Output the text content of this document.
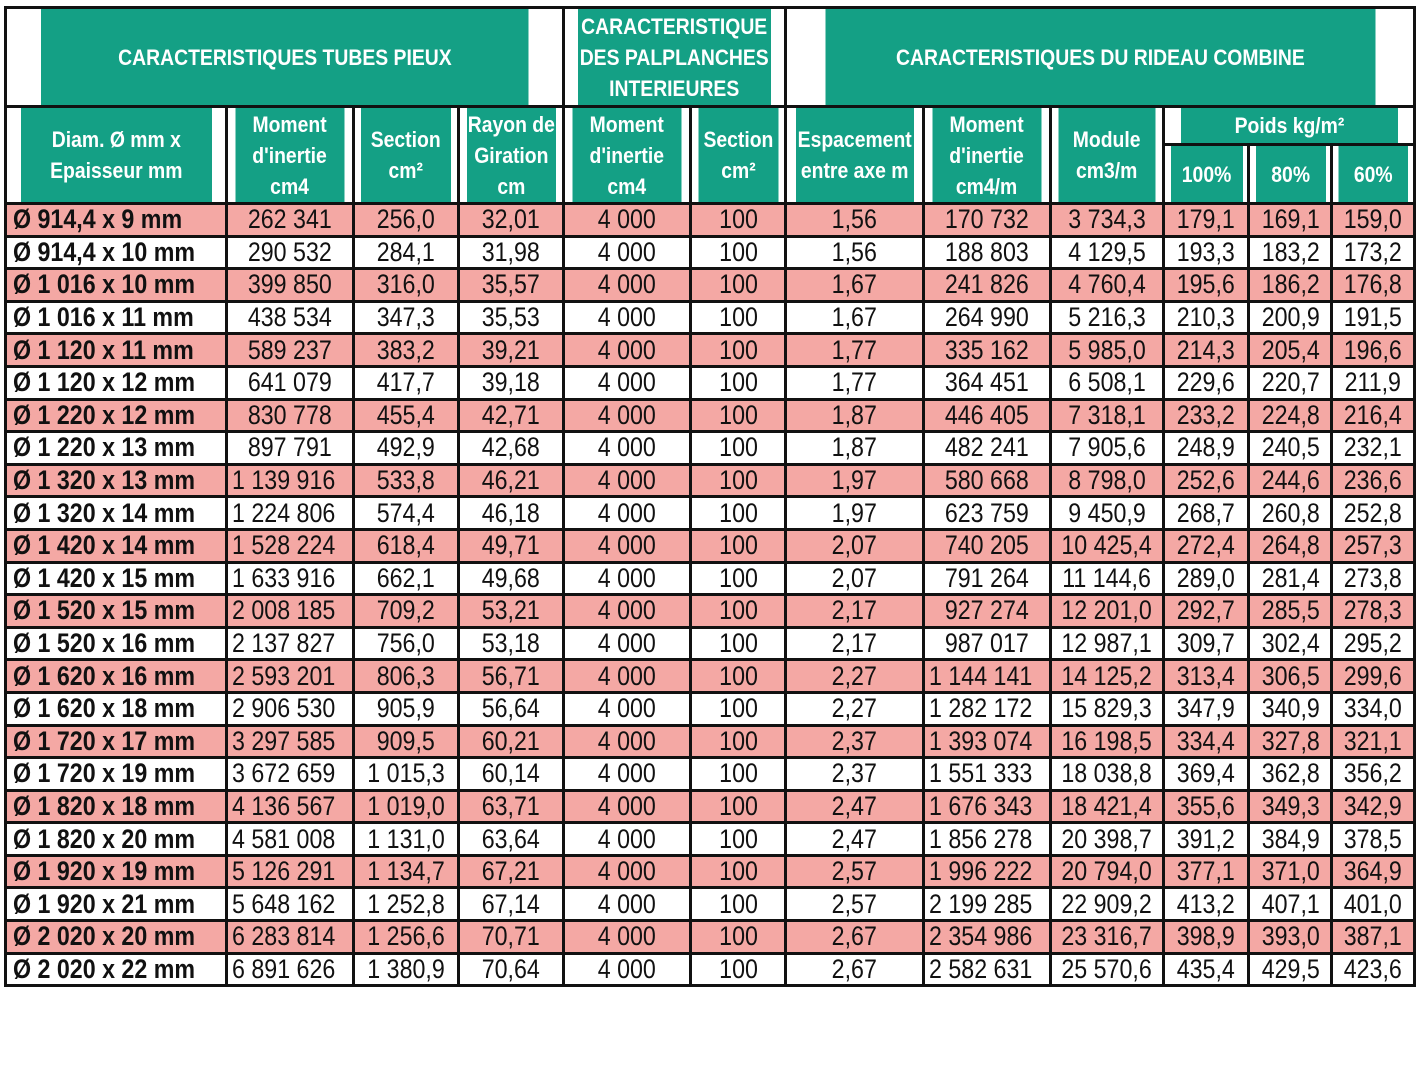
CARACTERISTIQUES TUBES PIEUX				CARACTERISTIQUE
DES PALPLANCHES
INTERIEURES		CARACTERISTIQUES DU RIDEAU COMBINE					

Diam. Ø mm x
Epaisseur mm	Moment
d'inertie
cm4	Section
cm²	Rayon de
Giration
cm	Moment
d'inertie
cm4	Section
cm²	Espacement
entre axe m	Moment
d'inertie
cm4/m	Module
cm3/m	Poids kg/m²		

									100%	80%	60%
Ø 914,4 x 9 mm	262 341	256,0	32,01	4 000	100	1,56	170 732	3 734,3	179,1	169,1	159,0
Ø 914,4 x 10 mm	290 532	284,1	31,98	4 000	100	1,56	188 803	4 129,5	193,3	183,2	173,2
Ø 1 016 x 10 mm	399 850	316,0	35,57	4 000	100	1,67	241 826	4 760,4	195,6	186,2	176,8
Ø 1 016 x 11 mm	438 534	347,3	35,53	4 000	100	1,67	264 990	5 216,3	210,3	200,9	191,5
Ø 1 120 x 11 mm	589 237	383,2	39,21	4 000	100	1,77	335 162	5 985,0	214,3	205,4	196,6
Ø 1 120 x 12 mm	641 079	417,7	39,18	4 000	100	1,77	364 451	6 508,1	229,6	220,7	211,9
Ø 1 220 x 12 mm	830 778	455,4	42,71	4 000	100	1,87	446 405	7 318,1	233,2	224,8	216,4
Ø 1 220 x 13 mm	897 791	492,9	42,68	4 000	100	1,87	482 241	7 905,6	248,9	240,5	232,1
Ø 1 320 x 13 mm	1 139 916	533,8	46,21	4 000	100	1,97	580 668	8 798,0	252,6	244,6	236,6
Ø 1 320 x 14 mm	1 224 806	574,4	46,18	4 000	100	1,97	623 759	9 450,9	268,7	260,8	252,8
Ø 1 420 x 14 mm	1 528 224	618,4	49,71	4 000	100	2,07	740 205	10 425,4	272,4	264,8	257,3
Ø 1 420 x 15 mm	1 633 916	662,1	49,68	4 000	100	2,07	791 264	11 144,6	289,0	281,4	273,8
Ø 1 520 x 15 mm	2 008 185	709,2	53,21	4 000	100	2,17	927 274	12 201,0	292,7	285,5	278,3
Ø 1 520 x 16 mm	2 137 827	756,0	53,18	4 000	100	2,17	987 017	12 987,1	309,7	302,4	295,2
Ø 1 620 x 16 mm	2 593 201	806,3	56,71	4 000	100	2,27	1 144 141	14 125,2	313,4	306,5	299,6
Ø 1 620 x 18 mm	2 906 530	905,9	56,64	4 000	100	2,27	1 282 172	15 829,3	347,9	340,9	334,0
Ø 1 720 x 17 mm	3 297 585	909,5	60,21	4 000	100	2,37	1 393 074	16 198,5	334,4	327,8	321,1
Ø 1 720 x 19 mm	3 672 659	1 015,3	60,14	4 000	100	2,37	1 551 333	18 038,8	369,4	362,8	356,2
Ø 1 820 x 18 mm	4 136 567	1 019,0	63,71	4 000	100	2,47	1 676 343	18 421,4	355,6	349,3	342,9
Ø 1 820 x 20 mm	4 581 008	1 131,0	63,64	4 000	100	2,47	1 856 278	20 398,7	391,2	384,9	378,5
Ø 1 920 x 19 mm	5 126 291	1 134,7	67,21	4 000	100	2,57	1 996 222	20 794,0	377,1	371,0	364,9
Ø 1 920 x 21 mm	5 648 162	1 252,8	67,14	4 000	100	2,57	2 199 285	22 909,2	413,2	407,1	401,0
Ø 2 020 x 20 mm	6 283 814	1 256,6	70,71	4 000	100	2,67	2 354 986	23 316,7	398,9	393,0	387,1
Ø 2 020 x 22 mm	6 891 626	1 380,9	70,64	4 000	100	2,67	2 582 631	25 570,6	435,4	429,5	423,6
